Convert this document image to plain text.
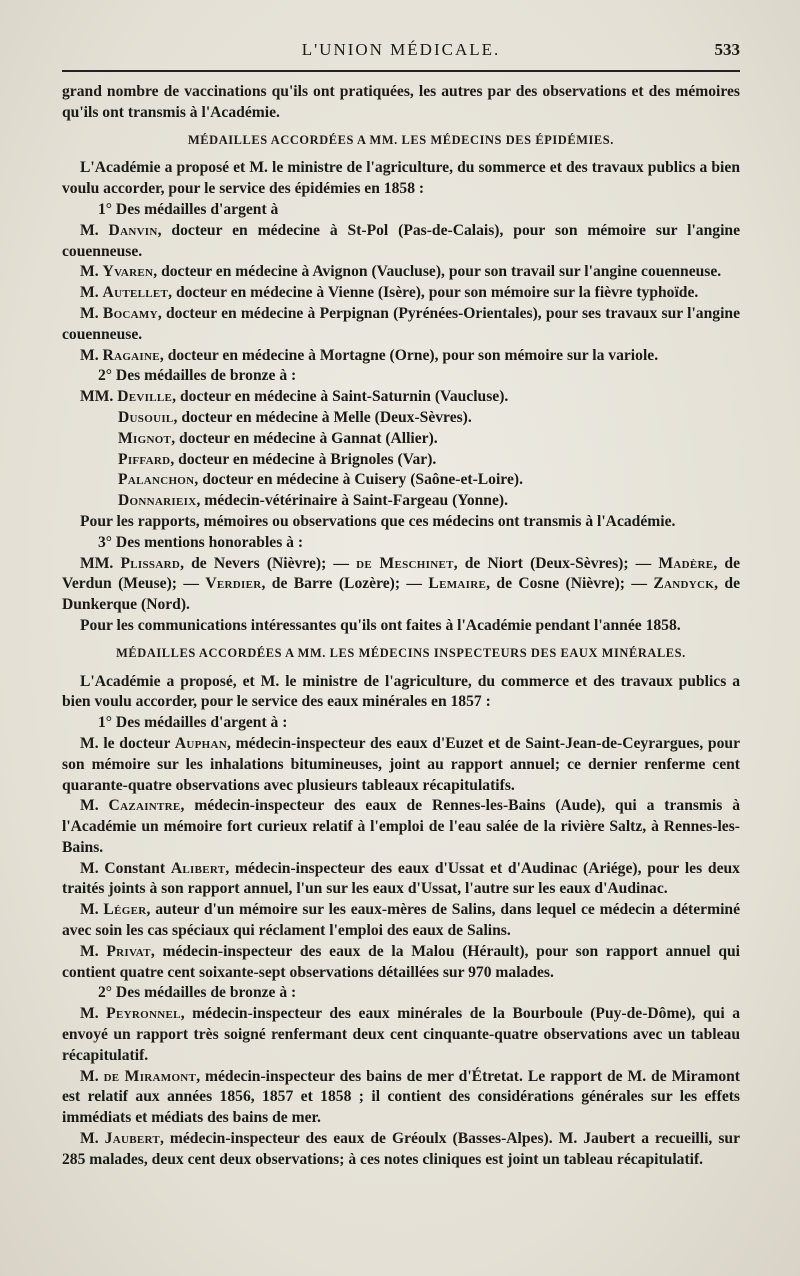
L'UNION MÉDICALE.	533

grand nombre de vaccinations qu'ils ont pratiquées, les autres par des observations et des mémoires qu'ils ont transmis à l'Académie.

MÉDAILLES ACCORDÉES A MM. LES MÉDECINS DES ÉPIDÉMIES.

L'Académie a proposé et M. le ministre de l'agriculture, du sommerce et des travaux publics a bien voulu accorder, pour le service des épidémies en 1858 :

1° Des médailles d'argent à

M. Danvin, docteur en médecine à St-Pol (Pas-de-Calais), pour son mémoire sur l'angine couenneuse.

M. Yvaren, docteur en médecine à Avignon (Vaucluse), pour son travail sur l'angine couenneuse.

M. Autellet, docteur en médecine à Vienne (Isère), pour son mémoire sur la fièvre typhoïde.

M. Bocamy, docteur en médecine à Perpignan (Pyrénées-Orientales), pour ses travaux sur l'angine couenneuse.

M. Ragaine, docteur en médecine à Mortagne (Orne), pour son mémoire sur la variole.

2° Des médailles de bronze à :

MM. Deville, docteur en médecine à Saint-Saturnin (Vaucluse).

Dusouil, docteur en médecine à Melle (Deux-Sèvres).

Mignot, docteur en médecine à Gannat (Allier).

Piffard, docteur en médecine à Brignoles (Var).

Palanchon, docteur en médecine à Cuisery (Saône-et-Loire).

Donnarieix, médecin-vétérinaire à Saint-Fargeau (Yonne).

Pour les rapports, mémoires ou observations que ces médecins ont transmis à l'Académie.

3° Des mentions honorables à :

MM. Plissard, de Nevers (Nièvre); — de Meschinet, de Niort (Deux-Sèvres); — Madère, de Verdun (Meuse); — Verdier, de Barre (Lozère); — Lemaire, de Cosne (Nièvre); — Zandyck, de Dunkerque (Nord).

Pour les communications intéressantes qu'ils ont faites à l'Académie pendant l'année 1858.

MÉDAILLES ACCORDÉES A MM. LES MÉDECINS INSPECTEURS DES EAUX MINÉRALES.

L'Académie a proposé, et M. le ministre de l'agriculture, du commerce et des travaux publics a bien voulu accorder, pour le service des eaux minérales en 1857 :

1° Des médailles d'argent à :

M. le docteur Auphan, médecin-inspecteur des eaux d'Euzet et de Saint-Jean-de-Ceyrargues, pour son mémoire sur les inhalations bitumineuses, joint au rapport annuel; ce dernier renferme cent quarante-quatre observations avec plusieurs tableaux récapitulatifs.

M. Cazaintre, médecin-inspecteur des eaux de Rennes-les-Bains (Aude), qui a transmis à l'Académie un mémoire fort curieux relatif à l'emploi de l'eau salée de la rivière Saltz, à Rennes-les-Bains.

M. Constant Alibert, médecin-inspecteur des eaux d'Ussat et d'Audinac (Ariége), pour les deux traités joints à son rapport annuel, l'un sur les eaux d'Ussat, l'autre sur les eaux d'Audinac.

M. Léger, auteur d'un mémoire sur les eaux-mères de Salins, dans lequel ce médecin a déterminé avec soin les cas spéciaux qui réclament l'emploi des eaux de Salins.

M. Privat, médecin-inspecteur des eaux de la Malou (Hérault), pour son rapport annuel qui contient quatre cent soixante-sept observations détaillées sur 970 malades.

2° Des médailles de bronze à :

M. Peyronnel, médecin-inspecteur des eaux minérales de la Bourboule (Puy-de-Dôme), qui a envoyé un rapport très soigné renfermant deux cent cinquante-quatre observations avec un tableau récapitulatif.

M. de Miramont, médecin-inspecteur des bains de mer d'Étretat. Le rapport de M. de Miramont est relatif aux années 1856, 1857 et 1858 ; il contient des considérations générales sur les effets immédiats et médiats des bains de mer.

M. Jaubert, médecin-inspecteur des eaux de Gréoulx (Basses-Alpes). M. Jaubert a recueilli, sur 285 malades, deux cent deux observations; à ces notes cliniques est joint un tableau récapitulatif.
